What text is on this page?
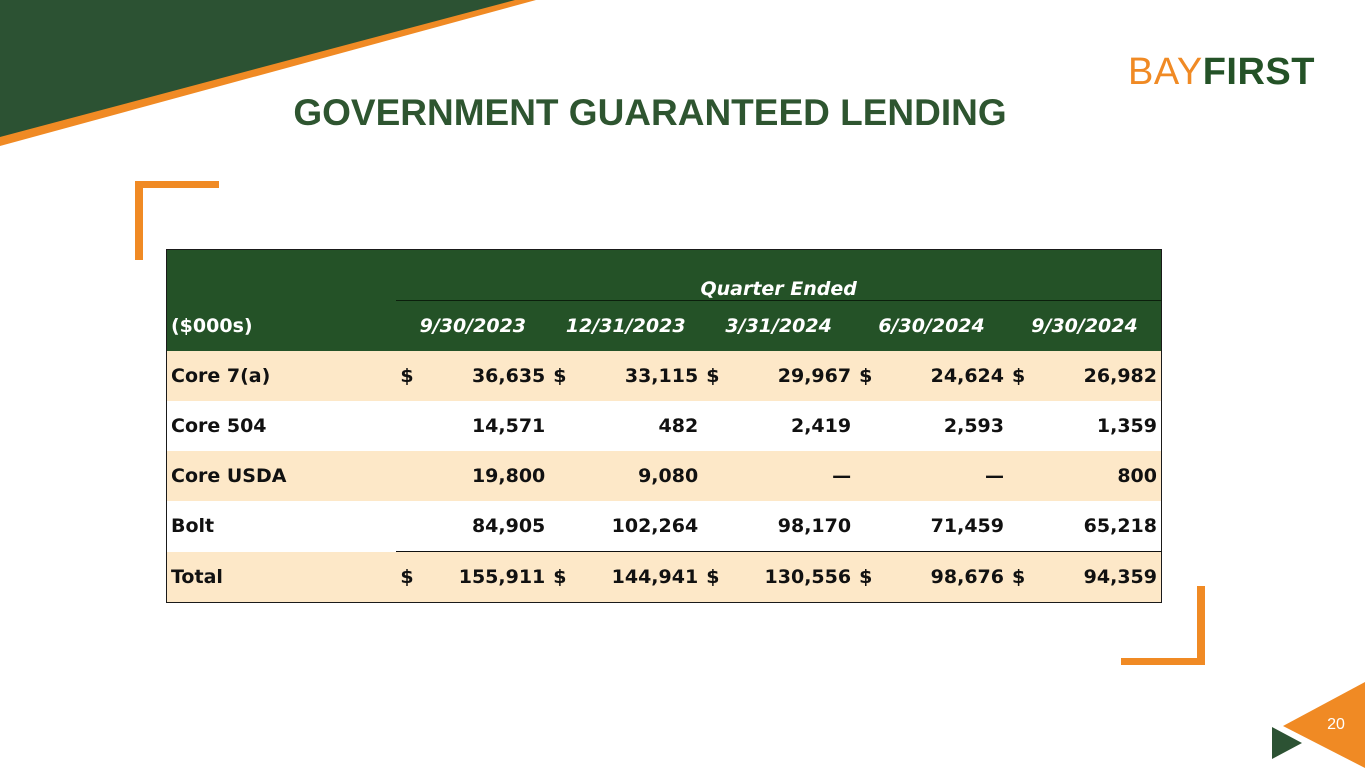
BAYFIRST
GOVERNMENT GUARANTEED LENDING
	Quarter Ended									
($000s)	9/30/2023		12/31/2023		3/31/2024		6/30/2024		9/30/2024	
Core 7(a)	$	36,635	$	33,115	$	29,967	$	24,624	$	26,982
Core 504		14,571		482		2,419		2,593		1,359
Core USDA		19,800		9,080		—		—		800
Bolt		84,905		102,264		98,170		71,459		65,218
Total	$	155,911	$	144,941	$	130,556	$	98,676	$	94,359
20
